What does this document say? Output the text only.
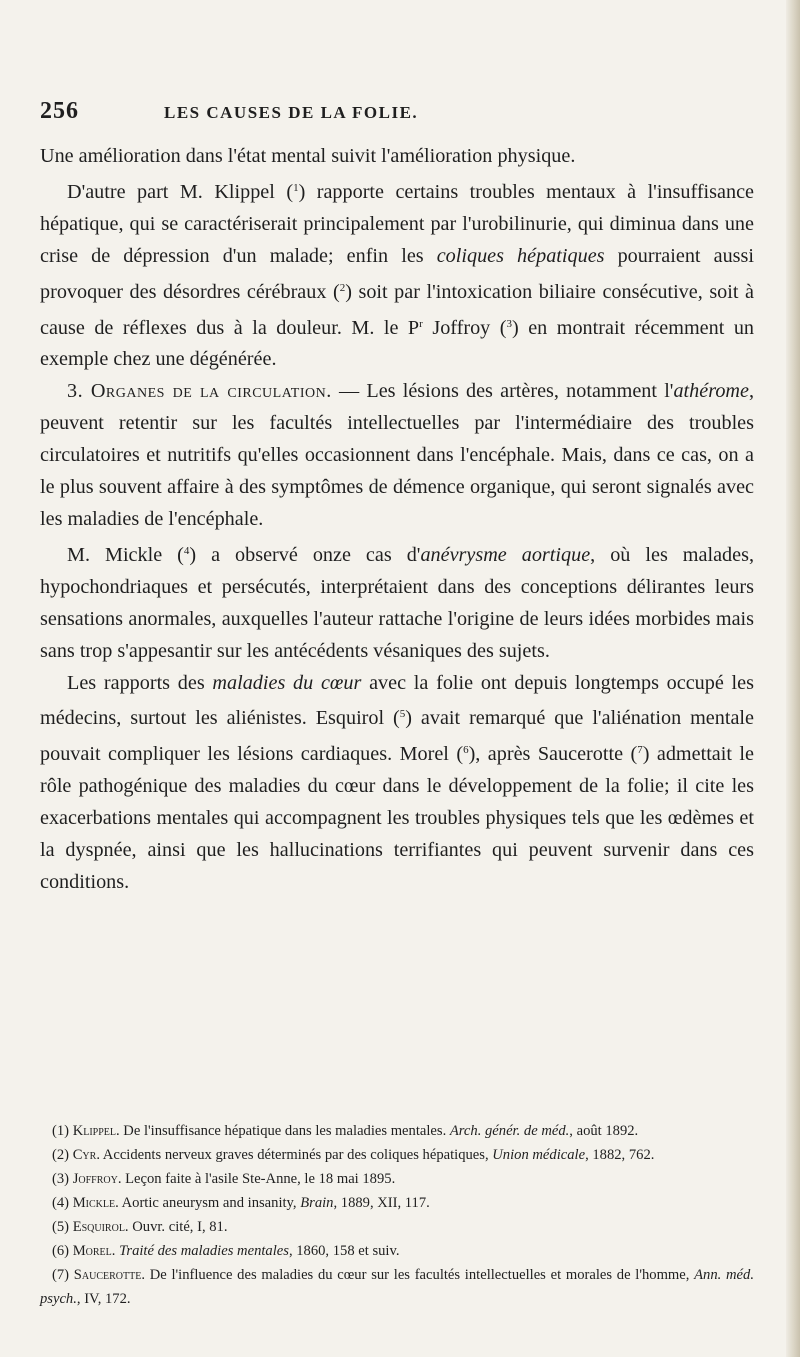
256	LES CAUSES DE LA FOLIE.

Une amélioration dans l'état mental suivit l'amélioration physique.

D'autre part M. Klippel ($^1$) rapporte certains troubles mentaux à l'insuffisance hépatique, qui se caractériserait principalement par l'urobilinurie, qui diminua dans une crise de dépression d'un malade; enfin les coliques hépatiques pourraient aussi provoquer des désordres cérébraux ($^2$) soit par l'intoxication biliaire consécutive, soit à cause de réflexes dus à la douleur. M. le $P^r$ Joffroy ($^3$) en montrait récemment un exemple chez une dégénérée.

3. Organes de la circulation. — Les lésions des artères, notamment l'athérome, peuvent retentir sur les facultés intellectuelles par l'intermédiaire des troubles circulatoires et nutritifs qu'elles occasionnent dans l'encéphale. Mais, dans ce cas, on a le plus souvent affaire à des symptômes de démence organique, qui seront signalés avec les maladies de l'encéphale.

M. Mickle ($^4$) a observé onze cas d'anévrysme aortique, où les malades, hypochondriaques et persécutés, interprétaient dans des conceptions délirantes leurs sensations anormales, auxquelles l'auteur rattache l'origine de leurs idées morbides mais sans trop s'appesantir sur les antécédents vésaniques des sujets.

Les rapports des maladies du cœur avec la folie ont depuis longtemps occupé les médecins, surtout les aliénistes. Esquirol ($^5$) avait remarqué que l'aliénation mentale pouvait compliquer les lésions cardiaques. Morel ($^6$), après Saucerotte ($^7$) admettait le rôle pathogénique des maladies du cœur dans le développement de la folie; il cite les exacerbations mentales qui accompagnent les troubles physiques tels que les œdèmes et la dyspnée, ainsi que les hallucinations terrifiantes qui peuvent survenir dans ces conditions.

(1) Klippel. De l'insuffisance hépatique dans les maladies mentales. Arch. génér. de méd., août 1892.

(2) Cyr. Accidents nerveux graves déterminés par des coliques hépatiques, Union médicale, 1882, 762.

(3) Joffroy. Leçon faite à l'asile Ste-Anne, le 18 mai 1895.

(4) Mickle. Aortic aneurysm and insanity, Brain, 1889, XII, 117.

(5) Esquirol. Ouvr. cité, I, 81.

(6) Morel. Traité des maladies mentales, 1860, 158 et suiv.

(7) Saucerotte. De l'influence des maladies du cœur sur les facultés intellectuelles et morales de l'homme, Ann. méd. psych., IV, 172.
